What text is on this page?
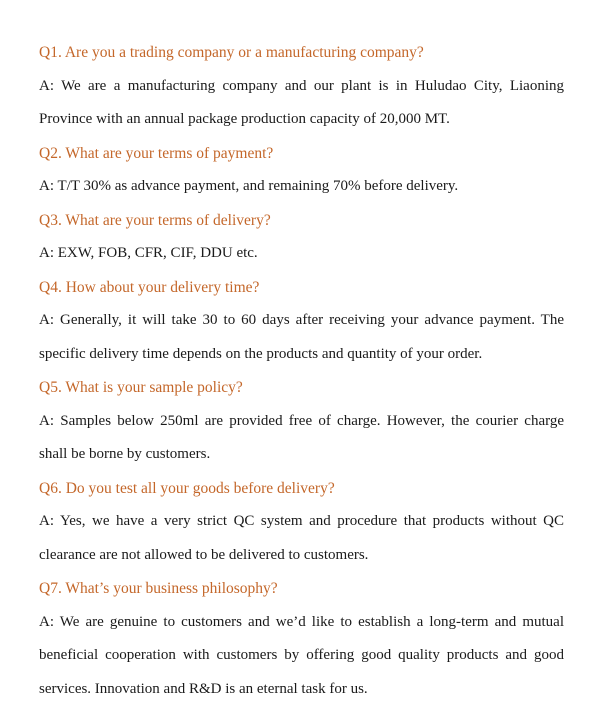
Q1. Are you a trading company or a manufacturing company?

A: We are a manufacturing company and our plant is in Huludao City, Liaoning Province with an annual package production capacity of 20,000 MT.

Q2. What are your terms of payment?

A: T/T 30% as advance payment, and remaining 70% before delivery.

Q3. What are your terms of delivery?

A: EXW, FOB, CFR, CIF, DDU etc.

Q4. How about your delivery time?

A: Generally, it will take 30 to 60 days after receiving your advance payment. The specific delivery time depends on the products and quantity of your order.

Q5. What is your sample policy?

A: Samples below 250ml are provided free of charge. However, the courier charge shall be borne by customers.

Q6. Do you test all your goods before delivery?

A: Yes, we have a very strict QC system and procedure that products without QC clearance are not allowed to be delivered to customers.

Q7. What’s your business philosophy?

A: We are genuine to customers and we’d like to establish a long-term and mutual beneficial cooperation with customers by offering good quality products and good services. Innovation and R&D is an eternal task for us.
